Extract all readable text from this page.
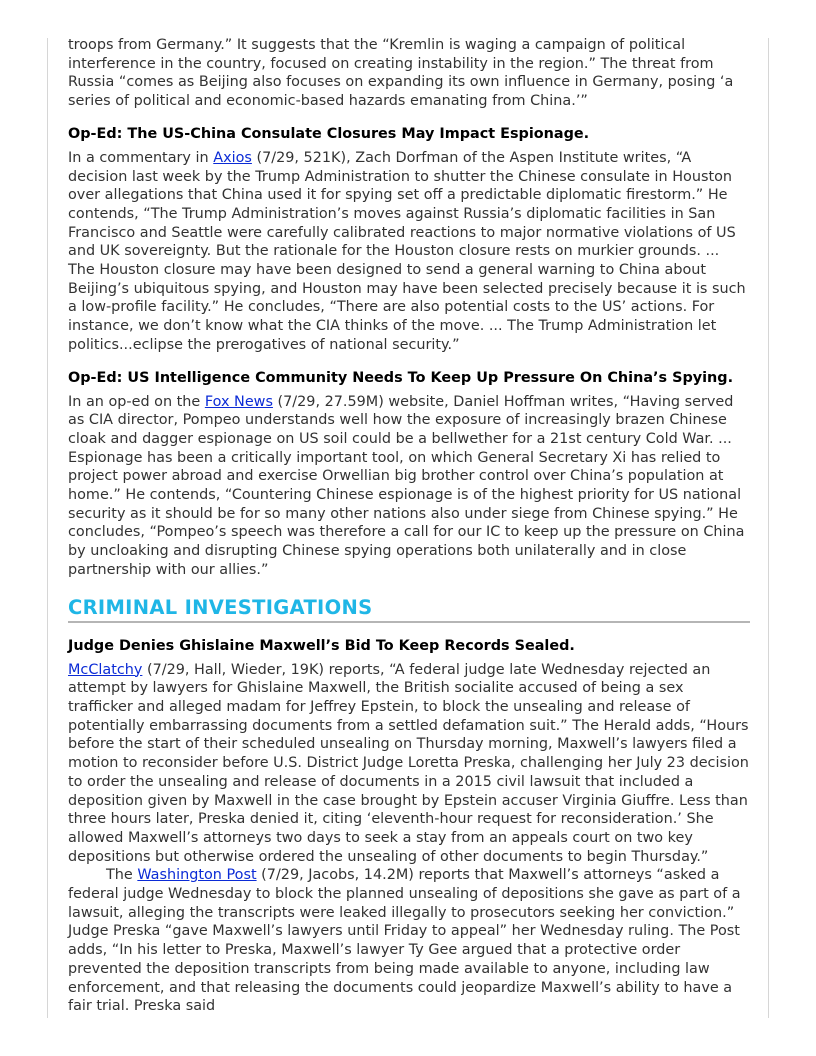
troops from Germany.” It suggests that the “Kremlin is waging a campaign of political interference in the country, focused on creating instability in the region.” The threat from Russia “comes as Beijing also focuses on expanding its own influence in Germany, posing ‘a series of political and economic-based hazards emanating from China.’”

Op-Ed: The US-China Consulate Closures May Impact Espionage.

In a commentary in Axios (7/29, 521K), Zach Dorfman of the Aspen Institute writes, “A decision last week by the Trump Administration to shutter the Chinese consulate in Houston over allegations that China used it for spying set off a predictable diplomatic firestorm.” He contends, “The Trump Administration’s moves against Russia’s diplomatic facilities in San Francisco and Seattle were carefully calibrated reactions to major normative violations of US and UK sovereignty. But the rationale for the Houston closure rests on murkier grounds. ... The Houston closure may have been designed to send a general warning to China about Beijing’s ubiquitous spying, and Houston may have been selected precisely because it is such a low-profile facility.” He concludes, “There are also potential costs to the US’ actions. For instance, we don’t know what the CIA thinks of the move. ... The Trump Administration let politics...eclipse the prerogatives of national security.”

Op-Ed: US Intelligence Community Needs To Keep Up Pressure On China’s Spying.

In an op-ed on the Fox News (7/29, 27.59M) website, Daniel Hoffman writes, “Having served as CIA director, Pompeo understands well how the exposure of increasingly brazen Chinese cloak and dagger espionage on US soil could be a bellwether for a 21st century Cold War. ... Espionage has been a critically important tool, on which General Secretary Xi has relied to project power abroad and exercise Orwellian big brother control over China’s population at home.” He contends, “Countering Chinese espionage is of the highest priority for US national security as it should be for so many other nations also under siege from Chinese spying.” He concludes, “Pompeo’s speech was therefore a call for our IC to keep up the pressure on China by uncloaking and disrupting Chinese spying operations both unilaterally and in close partnership with our allies.”

CRIMINAL INVESTIGATIONS
Judge Denies Ghislaine Maxwell’s Bid To Keep Records Sealed.

McClatchy (7/29, Hall, Wieder, 19K) reports, “A federal judge late Wednesday rejected an attempt by lawyers for Ghislaine Maxwell, the British socialite accused of being a sex trafficker and alleged madam for Jeffrey Epstein, to block the unsealing and release of potentially embarrassing documents from a settled defamation suit.” The Herald adds, “Hours before the start of their scheduled unsealing on Thursday morning, Maxwell’s lawyers filed a motion to reconsider before U.S. District Judge Loretta Preska, challenging her July 23 decision to order the unsealing and release of documents in a 2015 civil lawsuit that included a deposition given by Maxwell in the case brought by Epstein accuser Virginia Giuffre. Less than three hours later, Preska denied it, citing ‘eleventh-hour request for reconsideration.’ She allowed Maxwell’s attorneys two days to seek a stay from an appeals court on two key depositions but otherwise ordered the unsealing of other documents to begin Thursday.”

The Washington Post (7/29, Jacobs, 14.2M) reports that Maxwell’s attorneys “asked a federal judge Wednesday to block the planned unsealing of depositions she gave as part of a lawsuit, alleging the transcripts were leaked illegally to prosecutors seeking her conviction.” Judge Preska “gave Maxwell’s lawyers until Friday to appeal” her Wednesday ruling. The Post adds, “In his letter to Preska, Maxwell’s lawyer Ty Gee argued that a protective order prevented the deposition transcripts from being made available to anyone, including law enforcement, and that releasing the documents could jeopardize Maxwell’s ability to have a fair trial. Preska said
